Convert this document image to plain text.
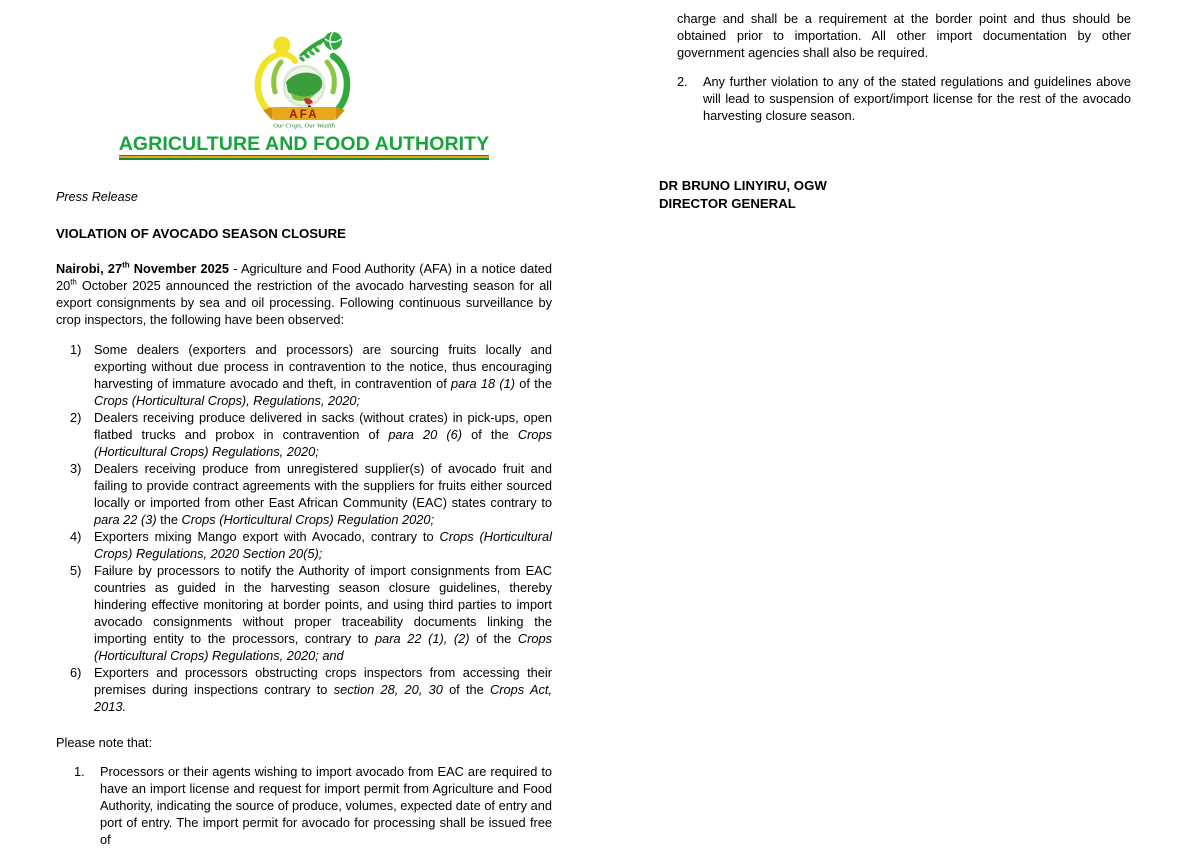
AFA
Our Crops, Our Wealth
AGRICULTURE AND FOOD AUTHORITY
Press Release
VIOLATION OF AVOCADO SEASON CLOSURE

Nairobi, 27th November 2025 - Agriculture and Food Authority (AFA) in a notice dated 20th October 2025 announced the restriction of the avocado harvesting season for all export consignments by sea and oil processing. Following continuous surveillance by crop inspectors, the following have been observed:

Some dealers (exporters and processors) are sourcing fruits locally and exporting without due process in contravention to the notice, thus encouraging harvesting of immature avocado and theft, in contravention of para 18 (1) of the Crops (Horticultural Crops), Regulations, 2020;
Dealers receiving produce delivered in sacks (without crates) in pick-ups, open flatbed trucks and probox in contravention of para 20 (6) of the Crops (Horticultural Crops) Regulations, 2020;
Dealers receiving produce from unregistered supplier(s) of avocado fruit and failing to provide contract agreements with the suppliers for fruits either sourced locally or imported from other East African Community (EAC) states contrary to para 22 (3) the Crops (Horticultural Crops) Regulation 2020;
Exporters mixing Mango export with Avocado, contrary to Crops (Horticultural Crops) Regulations, 2020 Section 20(5);
Failure by processors to notify the Authority of import consignments from EAC countries as guided in the harvesting season closure guidelines, thereby hindering effective monitoring at border points, and using third parties to import avocado consignments without proper traceability documents linking the importing entity to the processors, contrary to para 22 (1), (2) of the Crops (Horticultural Crops) Regulations, 2020; and
Exporters and processors obstructing crops inspectors from accessing their premises during inspections contrary to section 28, 20, 30 of the Crops Act, 2013.
Please note that:
Processors or their agents wishing to import avocado from EAC are required to have an import license and request for import permit from Agriculture and Food Authority, indicating the source of produce, volumes, expected date of entry and port of entry. The import permit for avocado for processing shall be issued free of
charge and shall be a requirement at the border point and thus should be obtained prior to importation. All other import documentation by other government agencies shall also be required.
Any further violation to any of the stated regulations and guidelines above will lead to suspension of export/import license for the rest of the avocado harvesting closure season.
DR BRUNO LINYIRU, OGW
DIRECTOR GENERAL
